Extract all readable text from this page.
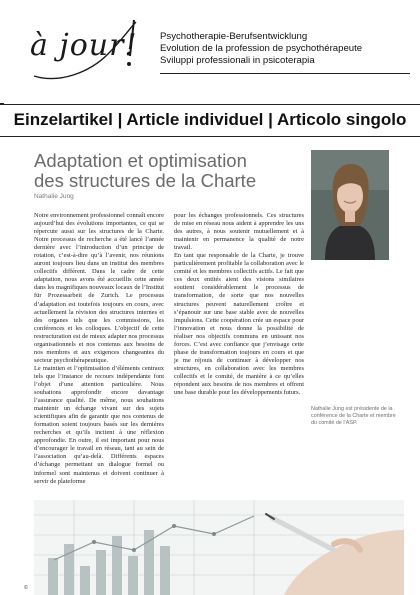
à jour!	Psychotherapie-Berufsentwicklung
Evolution de la profession de psychothérapeute
Sviluppi professionali in psicoterapia
Einzelartikel | Article individuel | Articolo singolo
Adaptation et optimisation
des structures de la Charte
Nathalie Jung

Notre environnement professionnel connaît encore aujourd’hui des évolutions importantes, ce qui se répercute aussi sur les structures de la Charte. Notre processus de recherche a été lancé l’année dernière avec l’introduction d’un principe de rotation, c’est-à-dire qu’à l’avenir, nos réunions auront toujours lieu dans un institut des membres collectifs différent. Dans le cadre de cette adaptation, nous avons été accueillis cette année dans les magnifiques nouveaux locaux de l’Institut für Prozessarbeit de Zurich. Le processus d’adaptation est toutefois toujours en cours, avec actuellement la révision des structures internes et des organes tels que les commissions, les conférences et les colloques. L’objectif de cette restructuration est de mieux adapter nos processus organisationnels et nos contenus aux besoins de nos membres et aux exigences changeantes du secteur psychothérapeutique.

Le maintien et l’optimisation d’éléments centraux tels que l’instance de recours indépendante font l’objet d’une attention particulière. Nous souhaitons approfondir encore davantage l’assurance qualité. De même, nous souhaitons maintenir un échange vivant sur des sujets scientifiques afin de garantir que nos contenus de formation soient toujours basés sur les dernières recherches et qu’ils incitent à une réflexion approfondie. En outre, il est important pour nous d’encourager le travail en réseau, tant au sein de l’association qu’au-delà. Différents espaces d’échange permettant un dialogue formel ou informel sont maintenus et doivent continuer à servir de plateforme

pour les échanges professionnels. Ces structures de mise en réseau nous aident à apprendre les uns des autres, à nous soutenir mutuellement et à maintenir en permanence la qualité de notre travail.

En tant que responsable de la Charte, je trouve particulièrement profitable la collaboration avec le comité et les membres collectifs actifs. Le fait que ces deux entités aient des visions similaires soutient considérablement le processus de transformation, de sorte que nos nouvelles structures peuvent naturellement croître et s’épanouir sur une base stable avec de nouvelles impulsions. Cette coopération crée un espace pour l’innovation et nous donne la possibilité de réaliser nos objectifs communs en unissant nos forces. C’est avec confiance que j’envisage cette phase de transformation toujours en cours et que je me réjouis de continuer à développer nos structures, en collaboration avec les membres collectifs et le comité, de manière à ce qu’elles répondent aux besoins de nos membres et offrent une base durable pour les développements futurs.

Nathalie Jung est présidente de la conférence de la Charte et membre du comité de l’ASP.
©
